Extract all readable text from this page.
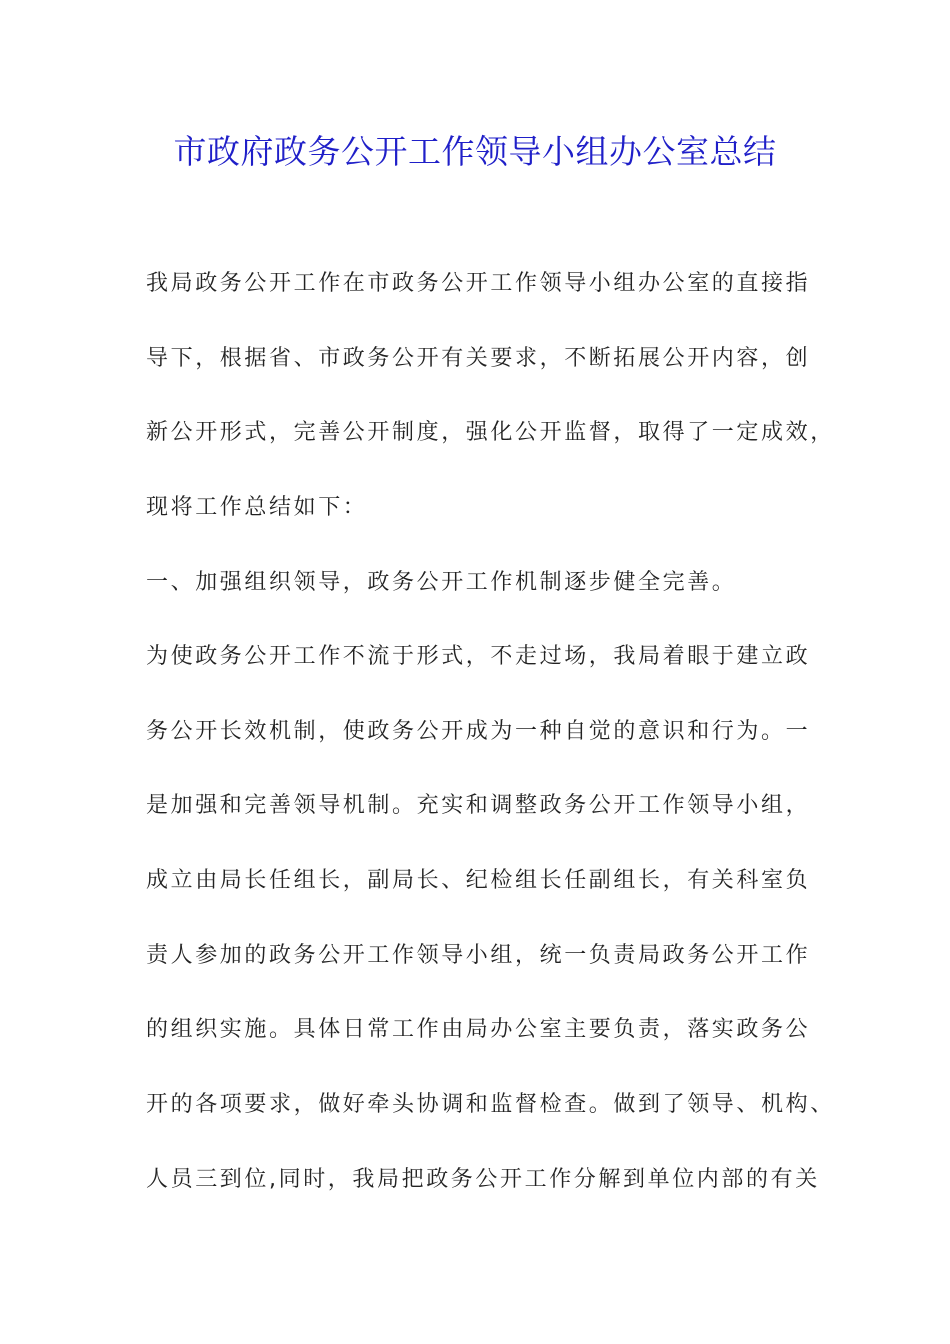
市政府政务公开工作领导小组办公室总结
我局政务公开工作在市政务公开工作领导小组办公室的直接指
导下，根据省、市政务公开有关要求，不断拓展公开内容，创
新公开形式，完善公开制度，强化公开监督，取得了一定成效，
现将工作总结如下：
一、加强组织领导，政务公开工作机制逐步健全完善。
为使政务公开工作不流于形式，不走过场，我局着眼于建立政
务公开长效机制，使政务公开成为一种自觉的意识和行为。一
是加强和完善领导机制。充实和调整政务公开工作领导小组，
成立由局长任组长，副局长、纪检组长任副组长，有关科室负
责人参加的政务公开工作领导小组，统一负责局政务公开工作
的组织实施。具体日常工作由局办公室主要负责，落实政务公
开的各项要求，做好牵头协调和监督检查。做到了领导、机构、
人员三到位,同时，我局把政务公开工作分解到单位内部的有关
